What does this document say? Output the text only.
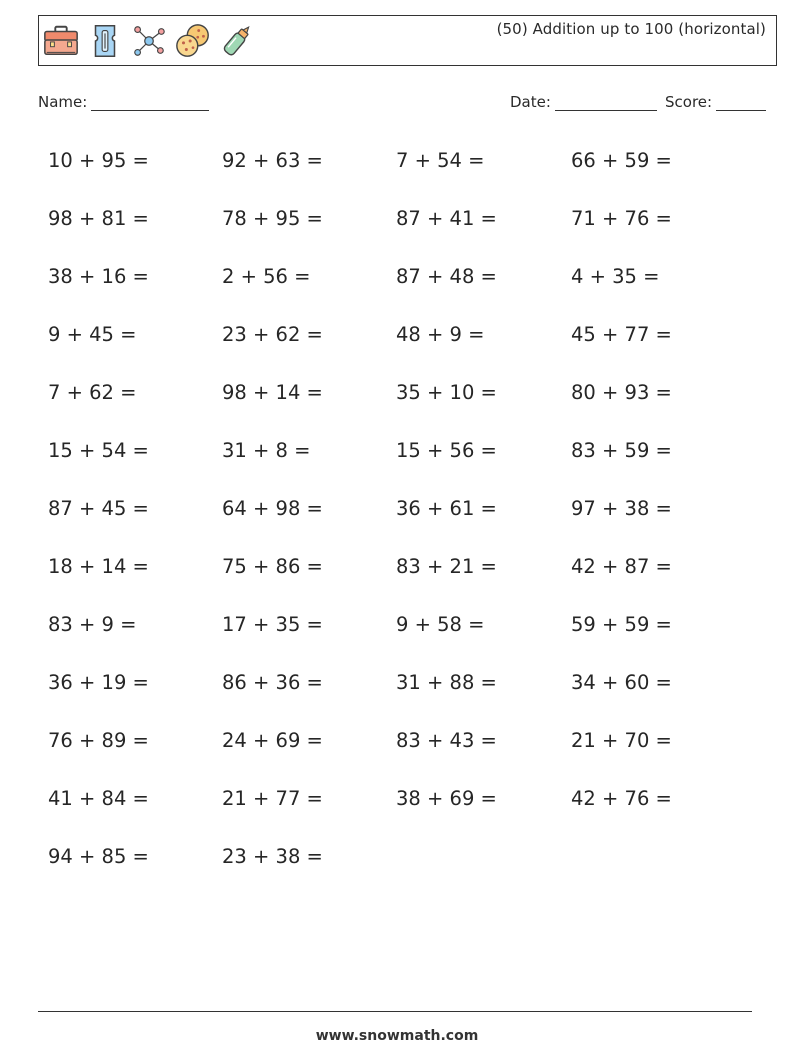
(50) Addition up to 100 (horizontal)
Name:	Date:	Score:
10 + 95 =	92 + 63 =	7 + 54 =	66 + 59 =
98 + 81 =	78 + 95 =	87 + 41 =	71 + 76 =
38 + 16 =	2 + 56 =	87 + 48 =	4 + 35 =
9 + 45 =	23 + 62 =	48 + 9 =	45 + 77 =
7 + 62 =	98 + 14 =	35 + 10 =	80 + 93 =
15 + 54 =	31 + 8 =	15 + 56 =	83 + 59 =
87 + 45 =	64 + 98 =	36 + 61 =	97 + 38 =
18 + 14 =	75 + 86 =	83 + 21 =	42 + 87 =
83 + 9 =	17 + 35 =	9 + 58 =	59 + 59 =
36 + 19 =	86 + 36 =	31 + 88 =	34 + 60 =
76 + 89 =	24 + 69 =	83 + 43 =	21 + 70 =
41 + 84 =	21 + 77 =	38 + 69 =	42 + 76 =
94 + 85 =	23 + 38 =
www.snowmath.com
